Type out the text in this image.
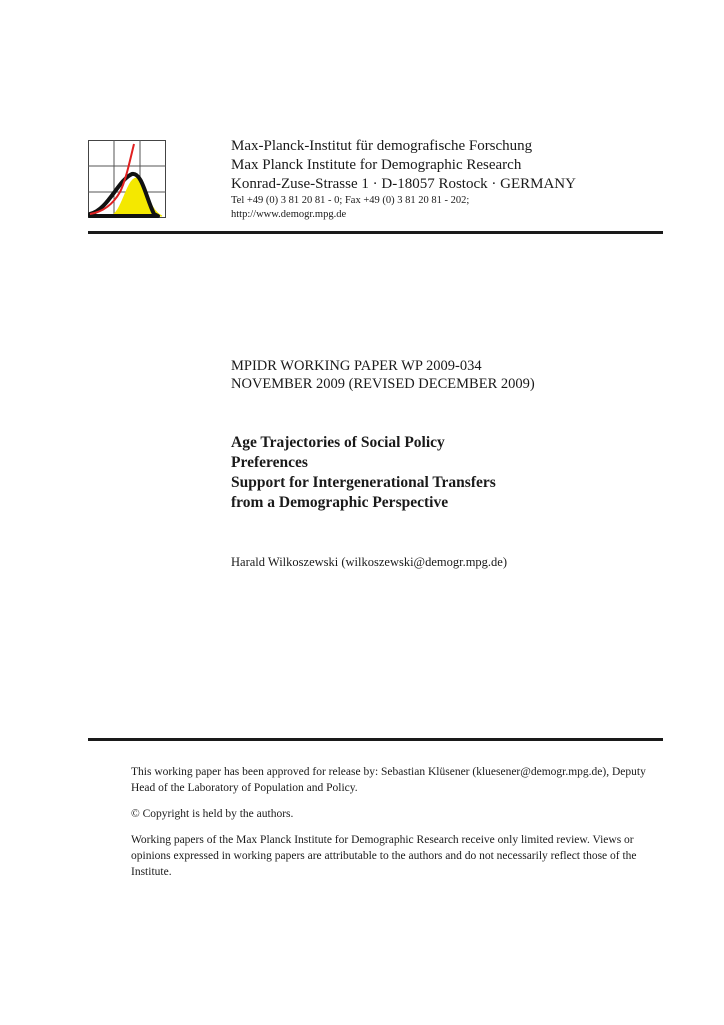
Max-Planck-Institut für demografische Forschung
Max Planck Institute for Demographic Research
Konrad-Zuse-Strasse 1 · D-18057 Rostock · GERMANY
Tel +49 (0) 3 81 20 81 - 0; Fax +49 (0) 3 81 20 81 - 202;
http://www.demogr.mpg.de
MPIDR WORKING PAPER WP 2009-034
NOVEMBER 2009 (REVISED DECEMBER 2009)
Age Trajectories of Social Policy
Preferences
Support for Intergenerational Transfers
from a Demographic Perspective
Harald Wilkoszewski (wilkoszewski@demogr.mpg.de)

This working paper has been approved for release by: Sebastian Klüsener (kluesener@demogr.mpg.de), Deputy Head of the Laboratory of Population and Policy.

© Copyright is held by the authors.

Working papers of the Max Planck Institute for Demographic Research receive only limited review. Views or opinions expressed in working papers are attributable to the authors and do not necessarily reflect those of the Institute.
